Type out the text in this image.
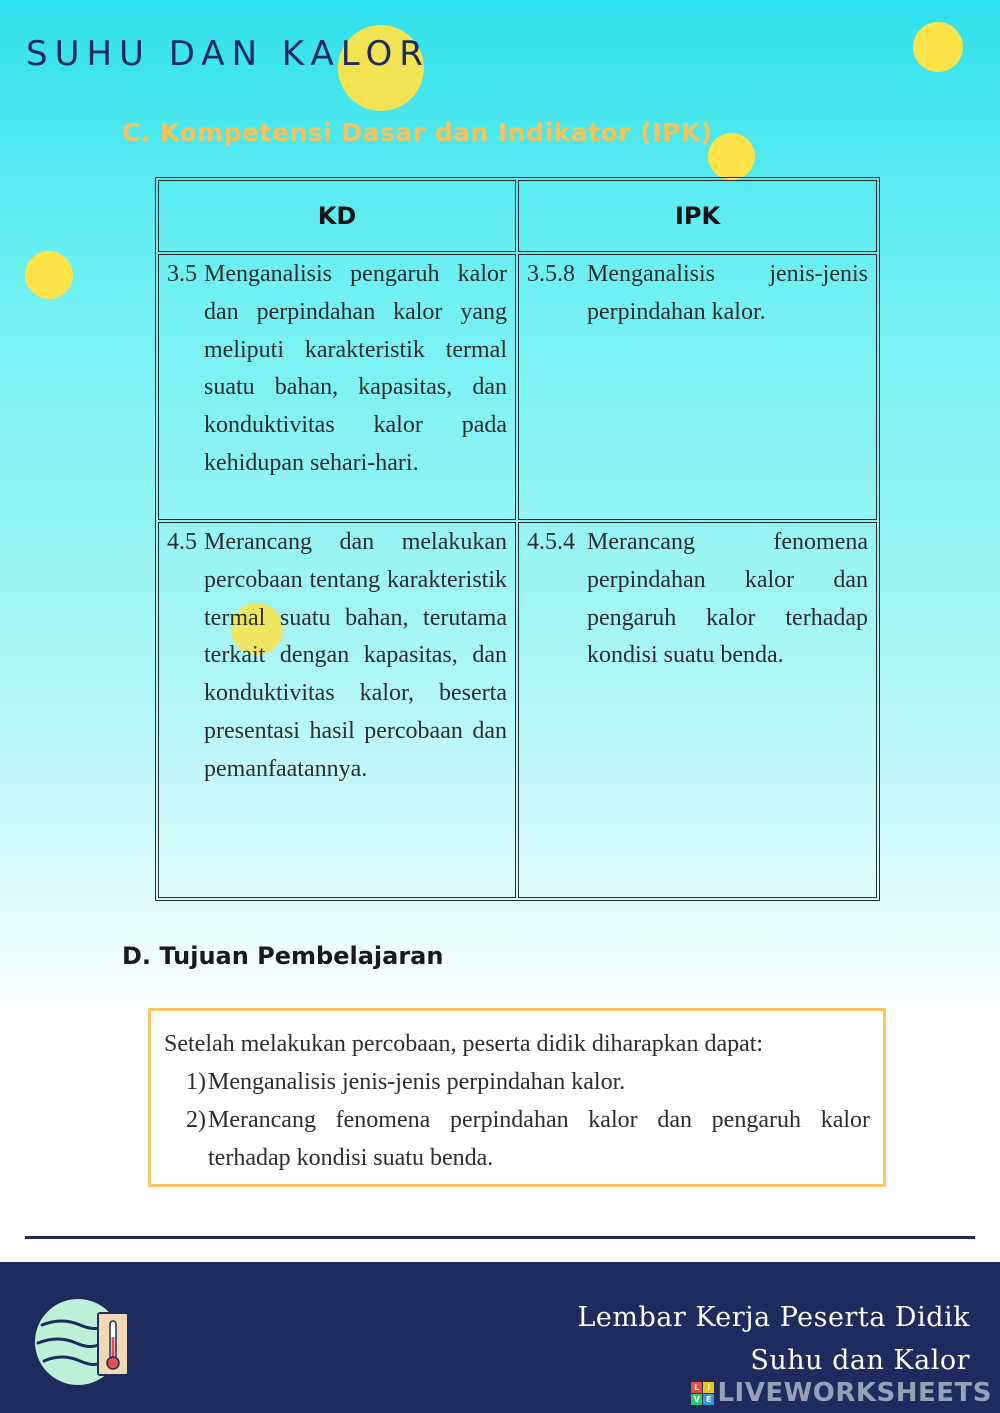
SUHU DAN KALOR
C. Kompetensi Dasar dan Indikator (IPK)
KD	IPK

3.5 Menganalisis pengaruh kalor dan perpindahan kalor yang meliputi karakteristik termal suatu bahan, kapasitas, dan konduktivitas kalor pada kehidupan sehari-hari.	3.5.8 Menganalisis jenis-jenis perpindahan kalor.

4.5 Merancang dan melakukan percobaan tentang karakteristik termal suatu bahan, terutama terkait dengan kapasitas, dan konduktivitas kalor, beserta presentasi hasil percobaan dan pemanfaatannya.	4.5.4 Merancang fenomena perpindahan kalor dan pengaruh kalor terhadap kondisi suatu benda.
D. Tujuan Pembelajaran
Setelah melakukan percobaan, peserta didik diharapkan dapat:
1) Menganalisis jenis-jenis perpindahan kalor.
2) Merancang fenomena perpindahan kalor dan pengaruh kalor terhadap kondisi suatu benda.
Lembar Kerja Peserta Didik
Suhu dan Kalor
L I
V E LIVEWORKSHEETS
